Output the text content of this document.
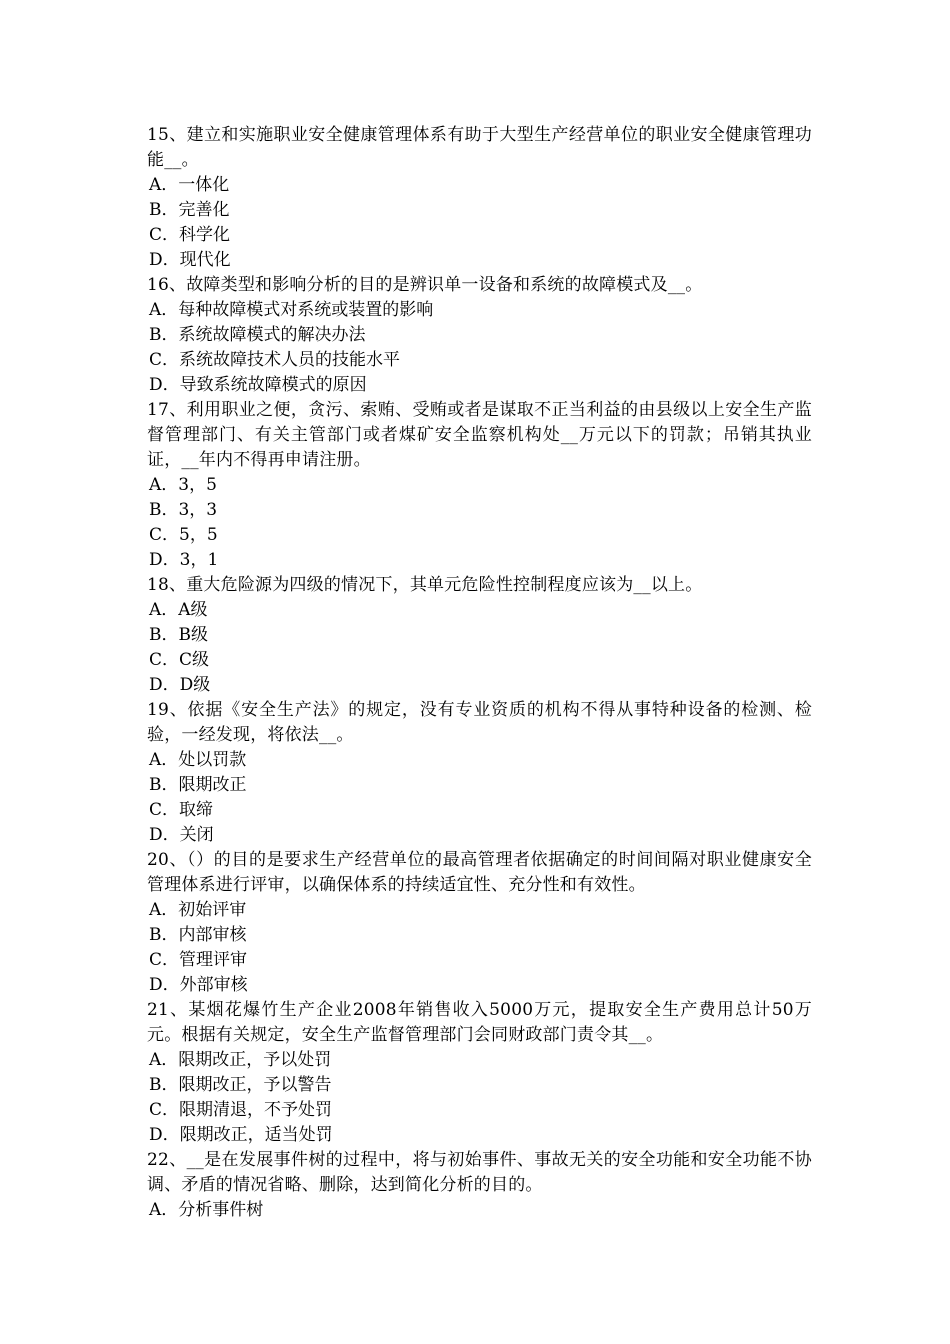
15、建立和实施职业安全健康管理体系有助于大型生产经营单位的职业安全健康管理功能__。

A．一体化

B．完善化

C．科学化

D．现代化

16、故障类型和影响分析的目的是辨识单一设备和系统的故障模式及__。

A．每种故障模式对系统或装置的影响

B．系统故障模式的解决办法

C．系统故障技术人员的技能水平

D．导致系统故障模式的原因

17、利用职业之便，贪污、索贿、受贿或者是谋取不正当利益的由县级以上安全生产监督管理部门、有关主管部门或者煤矿安全监察机构处__万元以下的罚款；吊销其执业证，__年内不得再申请注册。

A．3，5

B．3，3

C．5，5

D．3，1

18、重大危险源为四级的情况下，其单元危险性控制程度应该为__以上。

A．A级

B．B级

C．C级

D．D级

19、依据《安全生产法》的规定，没有专业资质的机构不得从事特种设备的检测、检验，一经发现，将依法__。

A．处以罚款

B．限期改正

C．取缔

D．关闭

20、（）的目的是要求生产经营单位的最高管理者依据确定的时间间隔对职业健康安全管理体系进行评审，以确保体系的持续适宜性、充分性和有效性。

A．初始评审

B．内部审核

C．管理评审

D．外部审核

21、某烟花爆竹生产企业2008年销售收入5000万元，提取安全生产费用总计50万元。根据有关规定，安全生产监督管理部门会同财政部门责令其__。

A．限期改正，予以处罚

B．限期改正，予以警告

C．限期清退，不予处罚

D．限期改正，适当处罚

22、__是在发展事件树的过程中，将与初始事件、事故无关的安全功能和安全功能不协调、矛盾的情况省略、删除，达到简化分析的目的。

A．分析事件树
